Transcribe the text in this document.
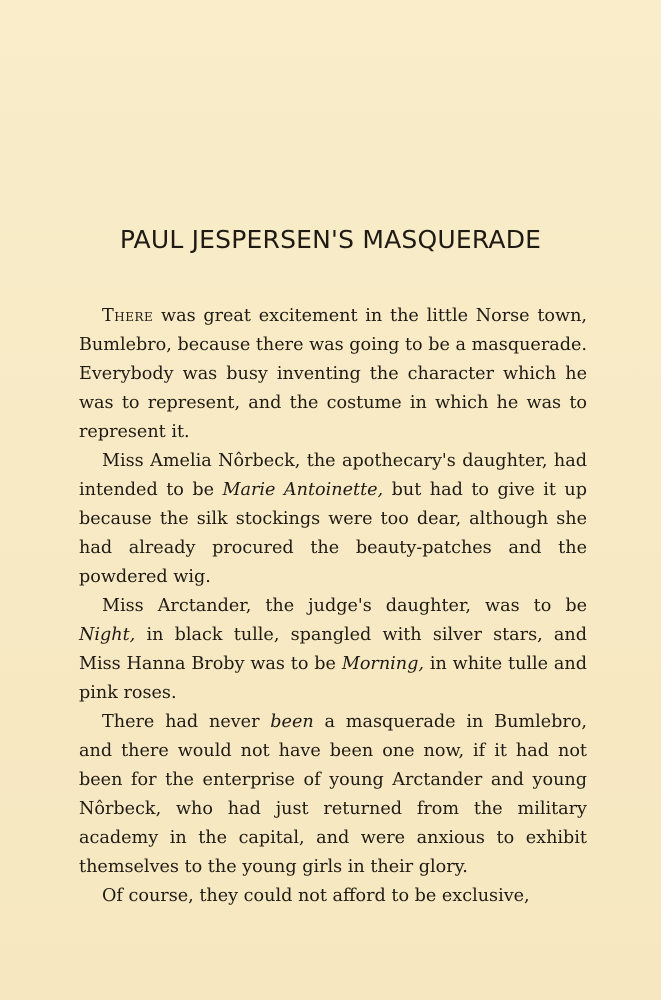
PAUL JESPERSEN'S MASQUERADE

There was great excitement in the little Norse town, Bumlebro, because there was going to be a masquerade. Everybody was busy inventing the character which he was to represent, and the costume in which he was to represent it.

Miss Amelia Nôrbeck, the apothecary's daughter, had intended to be Marie Antoinette, but had to give it up because the silk stockings were too dear, although she had already procured the beauty-patches and the powdered wig.

Miss Arctander, the judge's daughter, was to be Night, in black tulle, spangled with silver stars, and Miss Hanna Broby was to be Morning, in white tulle and pink roses.

There had never been a masquerade in Bumlebro, and there would not have been one now, if it had not been for the enterprise of young Arctander and young Nôrbeck, who had just returned from the military academy in the capital, and were anxious to exhibit themselves to the young girls in their glory.

Of course, they could not afford to be exclusive,
